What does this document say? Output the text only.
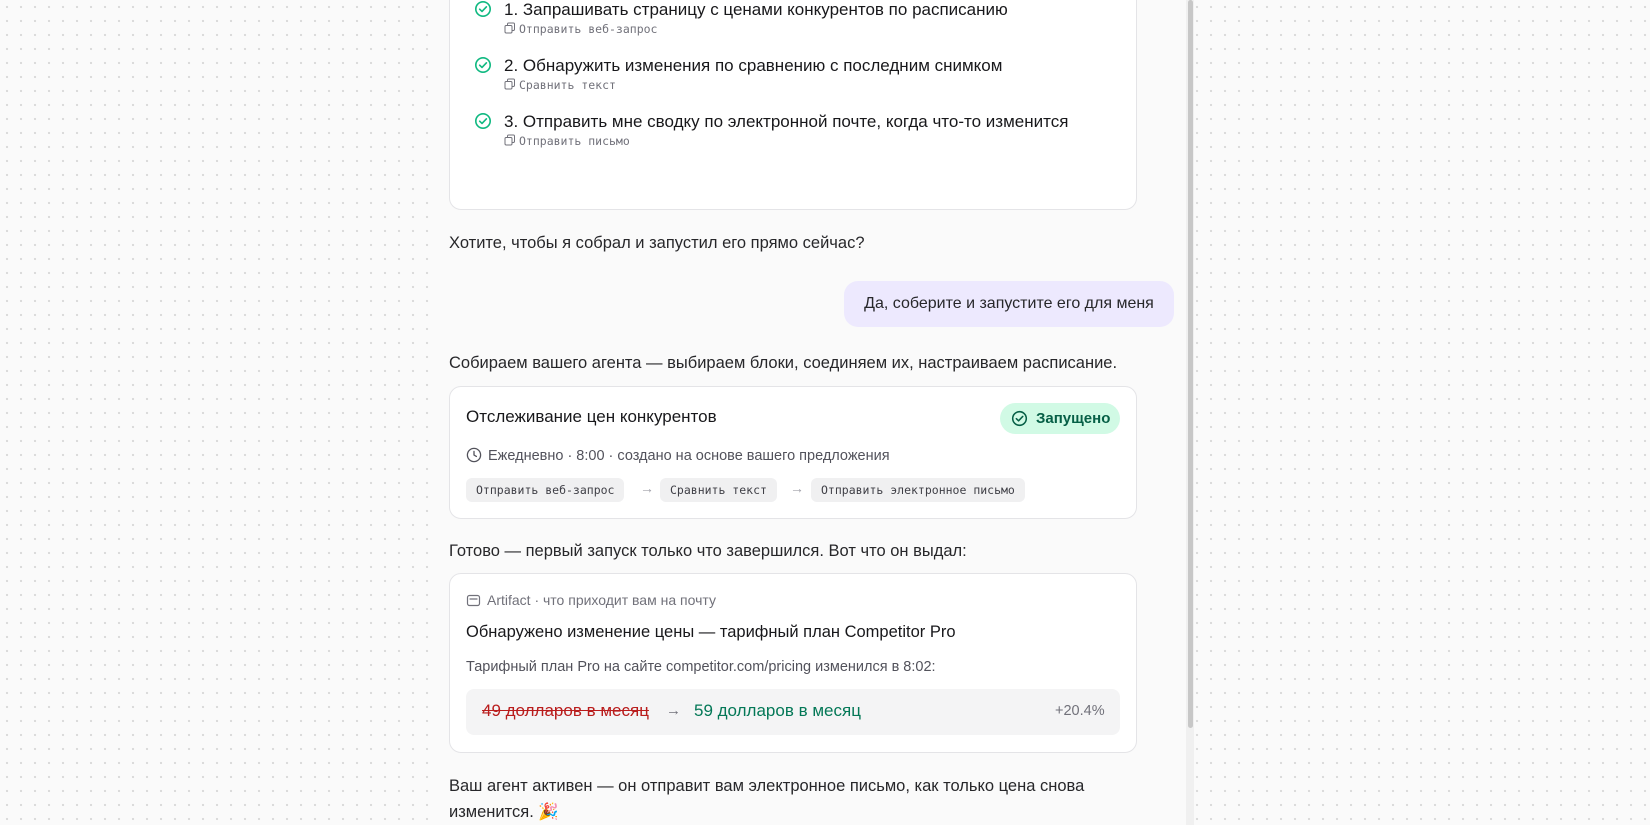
1. Запрашивать страницу с ценами конкурентов по расписанию
Отправить веб-запрос
2. Обнаружить изменения по сравнению с последним снимком
Сравнить текст
3. Отправить мне сводку по электронной почте, когда что-то изменится
Отправить письмо
Хотите, чтобы я собрал и запустил его прямо сейчас?
Да, соберите и запустите его для меня
Собираем вашего агента — выбираем блоки, соединяем их, настраиваем расписание.
Отслеживание цен конкурентов	Запущено
Ежедневно · 8:00 · создано на основе вашего предложения
Отправить веб-запрос	→	Сравнить текст	→	Отправить электронное письмо
Готово — первый запуск только что завершился. Вот что он выдал:
Artifact · что приходит вам на почту
Обнаружено изменение цены — тарифный план Competitor Pro
Тарифный план Pro на сайте competitor.com/pricing изменился в 8:02:
49 долларов в месяц → 59 долларов в месяц	+20.4%
Ваш агент активен — он отправит вам электронное письмо, как только цена снова изменится. 🎉
